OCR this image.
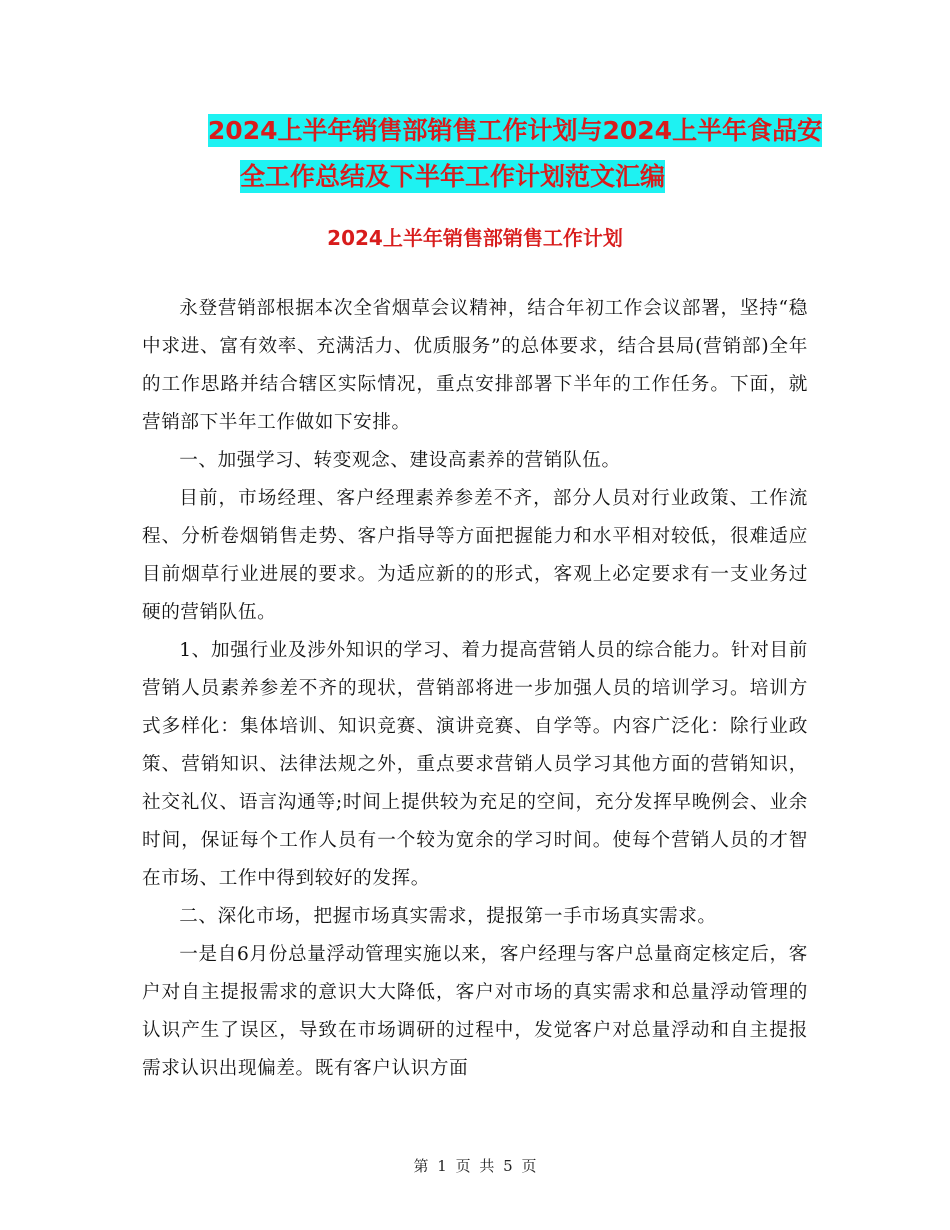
2024上半年销售部销售工作计划与2024上半年食品安
全工作总结及下半年工作计划范文汇编
2024上半年销售部销售工作计划

永登营销部根据本次全省烟草会议精神，结合年初工作会议部署，坚持“稳中求进、富有效率、充满活力、优质服务”的总体要求，结合县局(营销部)全年的工作思路并结合辖区实际情况，重点安排部署下半年的工作任务。下面，就营销部下半年工作做如下安排。

一、加强学习、转变观念、建设高素养的营销队伍。

目前，市场经理、客户经理素养参差不齐，部分人员对行业政策、工作流程、分析卷烟销售走势、客户指导等方面把握能力和水平相对较低，很难适应目前烟草行业进展的要求。为适应新的的形式，客观上必定要求有一支业务过硬的营销队伍。

1、加强行业及涉外知识的学习、着力提高营销人员的综合能力。针对目前营销人员素养参差不齐的现状，营销部将进一步加强人员的培训学习。培训方式多样化：集体培训、知识竞赛、演讲竞赛、自学等。内容广泛化：除行业政策、营销知识、法律法规之外，重点要求营销人员学习其他方面的营销知识，社交礼仪、语言沟通等;时间上提供较为充足的空间，充分发挥早晚例会、业余时间，保证每个工作人员有一个较为宽余的学习时间。使每个营销人员的才智在市场、工作中得到较好的发挥。

二、深化市场，把握市场真实需求，提报第一手市场真实需求。

一是自6月份总量浮动管理实施以来，客户经理与客户总量商定核定后，客户对自主提报需求的意识大大降低，客户对市场的真实需求和总量浮动管理的认识产生了误区，导致在市场调研的过程中，发觉客户对总量浮动和自主提报需求认识出现偏差。既有客户认识方面

第 1 页 共 5 页
